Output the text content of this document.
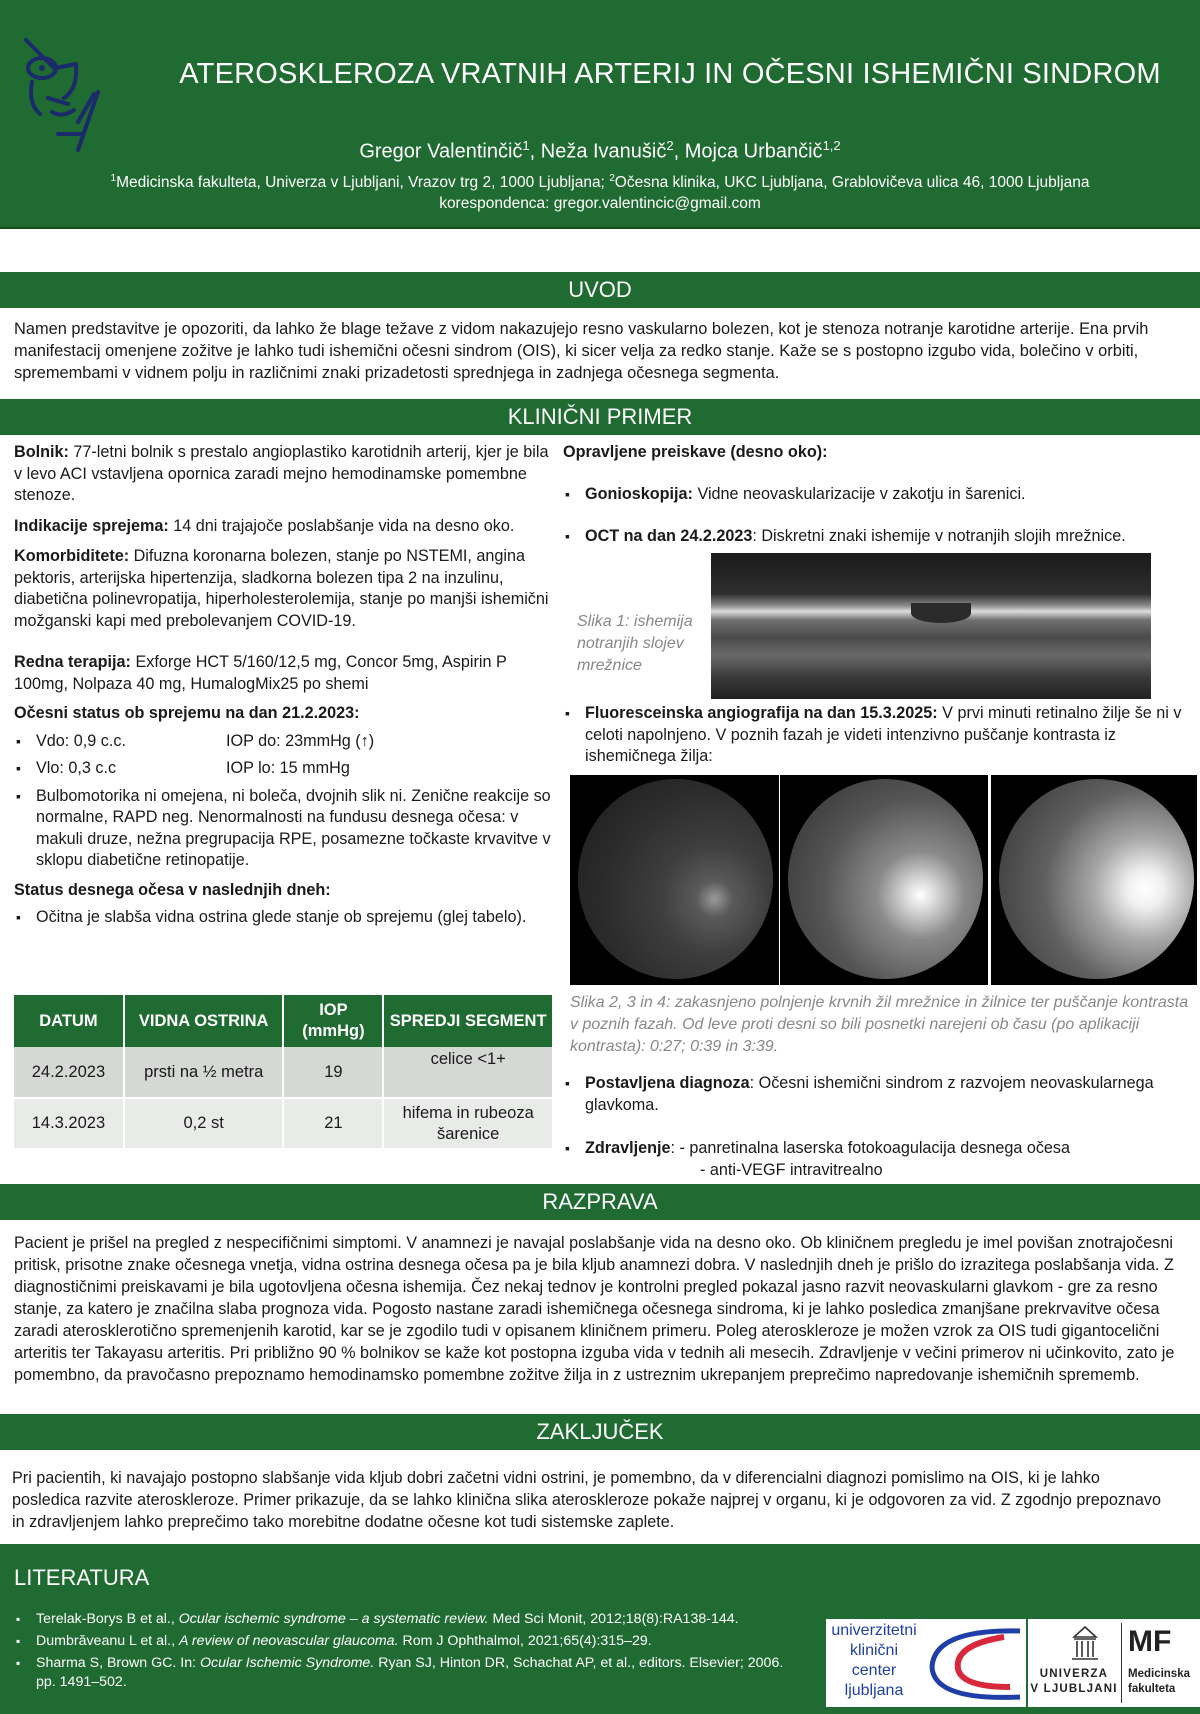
ATEROSKLEROZA VRATNIH ARTERIJ IN OČESNI ISHEMIČNI SINDROM
Gregor Valentinčič$^1$, Neža Ivanušič$^2$, Mojca Urbančič$^{1,2}$
$^1$Medicinska fakulteta, Univerza v Ljubljani, Vrazov trg 2, 1000 Ljubljana; $^2$Očesna klinika, UKC Ljubljana, Grablovičeva ulica 46, 1000 Ljubljana
korespondenca: gregor.valentincic@gmail.com
UVOD
Namen predstavitve je opozoriti, da lahko že blage težave z vidom nakazujejo resno vaskularno bolezen, kot je stenoza notranje karotidne arterije. Ena prvih manifestacij omenjene zožitve je lahko tudi ishemični očesni sindrom (OIS), ki sicer velja za redko stanje. Kaže se s postopno izgubo vida, bolečino v orbiti, spremembami v vidnem polju in različnimi znaki prizadetosti sprednjega in zadnjega očesnega segmenta.
KLINIČNI PRIMER

Bolnik: 77-letni bolnik s prestalo angioplastiko karotidnih arterij, kjer je bila v levo ACI vstavljena opornica zaradi mejno hemodinamske pomembne stenoze.

Indikacije sprejema: 14 dni trajajoče poslabšanje vida na desno oko.

Komorbiditete: Difuzna koronarna bolezen, stanje po NSTEMI, angina pektoris, arterijska hipertenzija, sladkorna bolezen tipa 2 na inzulinu, diabetična polinevropatija, hiperholesterolemija, stanje po manjši ishemični možganski kapi med prebolevanjem COVID-19.

Redna terapija: Exforge HCT 5/160/12,5 mg, Concor 5mg, Aspirin P 100mg, Nolpaza 40 mg, HumalogMix25 po shemi

Očesni status ob sprejemu na dan 21.2.2023:

▪ Vdo: 0,9 c.c.	IOP do: 23mmHg (↑)
▪ Vlo: 0,3 c.c	IOP lo: 15 mmHg
▪ Bulbomotorika ni omejena, ni boleča, dvojnih slik ni. Zenične reakcije so normalne, RAPD neg. Nenormalnosti na fundusu desnega očesa: v makuli druze, nežna pregrupacija RPE, posamezne točkaste krvavitve v sklopu diabetične retinopatije.

Status desnega očesa v naslednjih dneh:

▪ Očitna je slabša vidna ostrina glede stanje ob sprejemu (glej tabelo).
DATUM	VIDNA OSTRINA	IOP (mmHg)	SPREDJI SEGMENT
24.2.2023	prsti na ½ metra	19	celice <1+
14.3.2023	0,2 st	21	hifema in rubeoza šarenice

Opravljene preiskave (desno oko):

▪ Gonioskopija: Vidne neovaskularizacije v zakotju in šarenici.
▪ OCT na dan 24.2.2023: Diskretni znaki ishemije v notranjih slojih mrežnice.
Slika 1: ishemija notranjih slojev mrežnice
▪ Fluoresceinska angiografija na dan 15.3.2025: V prvi minuti retinalno žilje še ni v celoti napolnjeno. V poznih fazah je videti intenzivno puščanje kontrasta iz ishemičnega žilja:
Slika 2, 3 in 4: zakasnjeno polnjenje krvnih žil mrežnice in žilnice ter puščanje kontrasta v poznih fazah. Od leve proti desni so bili posnetki narejeni ob času (po aplikaciji kontrasta): 0:27; 0:39 in 3:39.
▪ Postavljena diagnoza: Očesni ishemični sindrom z razvojem neovaskularnega glavkoma.
▪ Zdravljenje: - panretinalna laserska fotokoagulacija desnega očesa
- anti-VEGF intravitrealno
RAZPRAVA
Pacient je prišel na pregled z nespecifičnimi simptomi. V anamnezi je navajal poslabšanje vida na desno oko. Ob kliničnem pregledu je imel povišan znotrajočesni pritisk, prisotne znake očesnega vnetja, vidna ostrina desnega očesa pa je bila kljub anamnezi dobra. V naslednjih dneh je prišlo do izrazitega poslabšanja vida. Z diagnostičnimi preiskavami je bila ugotovljena očesna ishemija. Čez nekaj tednov je kontrolni pregled pokazal jasno razvit neovaskularni glavkom - gre za resno stanje, za katero je značilna slaba prognoza vida. Pogosto nastane zaradi ishemičnega očesnega sindroma, ki je lahko posledica zmanjšane prekrvavitve očesa zaradi aterosklerotično spremenjenih karotid, kar se je zgodilo tudi v opisanem kliničnem primeru. Poleg ateroskleroze je možen vzrok za OIS tudi gigantocelični arteritis ter Takayasu arteritis. Pri približno 90 % bolnikov se kaže kot postopna izguba vida v tednih ali mesecih. Zdravljenje v večini primerov ni učinkovito, zato je pomembno, da pravočasno prepoznamo hemodinamsko pomembne zožitve žilja in z ustreznim ukrepanjem preprečimo napredovanje ishemičnih sprememb.
ZAKLJUČEK
Pri pacientih, ki navajajo postopno slabšanje vida kljub dobri začetni vidni ostrini, je pomembno, da v diferencialni diagnozi pomislimo na OIS, ki je lahko posledica razvite ateroskleroze. Primer prikazuje, da se lahko klinična slika ateroskleroze pokaže najprej v organu, ki je odgovoren za vid. Z zgodnjo prepoznavo in zdravljenjem lahko preprečimo tako morebitne dodatne očesne kot tudi sistemske zaplete.
LITERATURA
▪ Terelak-Borys B et al., Ocular ischemic syndrome – a systematic review. Med Sci Monit, 2012;18(8):RA138-144.
▪ Dumbrăveanu L et al., A review of neovascular glaucoma. Rom J Ophthalmol, 2021;65(4):315–29.
▪ Sharma S, Brown GC. In: Ocular Ischemic Syndrome. Ryan SJ, Hinton DR, Schachat AP, et al., editors. Elsevier; 2006. pp. 1491–502.
univerzitetni
klinični
center
ljubljana
UNIVERZA
V LJUBLJANI
MF
Medicinska
fakulteta
